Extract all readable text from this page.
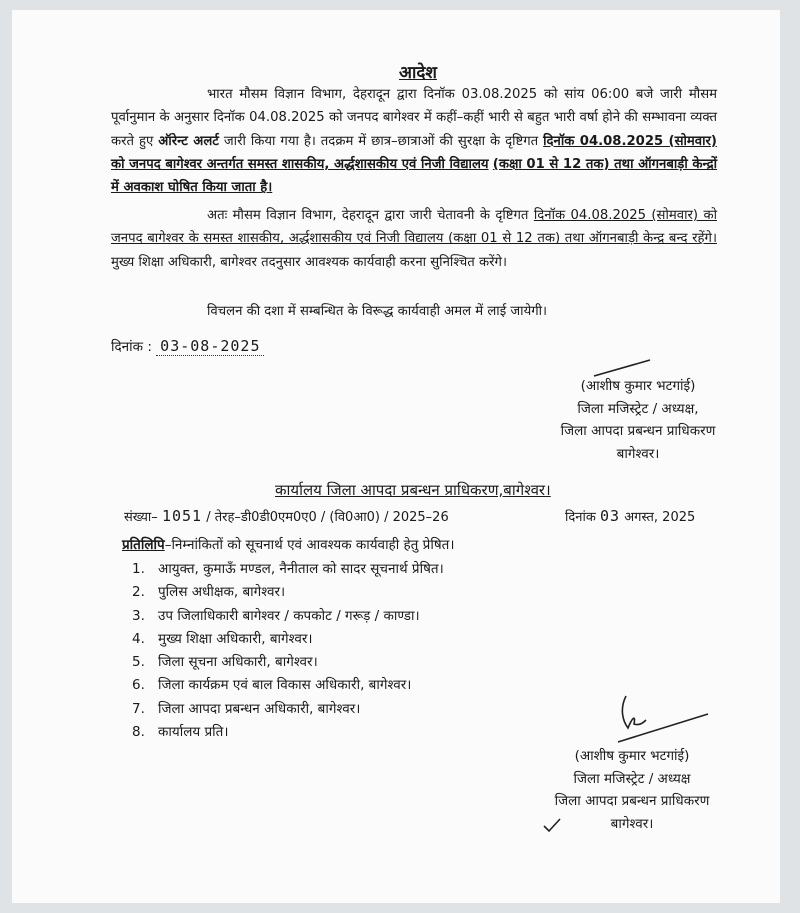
आदेश
भारत मौसम विज्ञान विभाग, देहरादून द्वारा दिनॉक 03.08.2025 को सांय 06:00 बजे जारी मौसम पूर्वानुमान के अनुसार दिनॉक 04.08.2025 को जनपद बागेश्वर में कहीं–कहीं भारी से बहुत भारी वर्षा होने की सम्भावना व्यक्त करते हुए ऑरेन्ट अलर्ट जारी किया गया है। तदक्रम में छात्र–छात्राओं की सुरक्षा के दृष्टिगत दिनॉक 04.08.2025 (सोमवार) को जनपद बागेश्वर अन्तर्गत समस्त शासकीय, अर्द्धशासकीय एवं निजी विद्यालय (कक्षा 01 से 12 तक) तथा ऑगनबाड़ी केन्द्रों में अवकाश घोषित किया जाता है।
अतः मौसम विज्ञान विभाग, देहरादून द्वारा जारी चेतावनी के दृष्टिगत दिनॉक 04.08.2025 (सोमवार) को जनपद बागेश्वर के समस्त शासकीय, अर्द्धशासकीय एवं निजी विद्यालय (कक्षा 01 से 12 तक) तथा ऑगनबाड़ी केन्द्र बन्द रहेंगे। मुख्य शिक्षा अधिकारी, बागेश्वर तदनुसार आवश्यक कार्यवाही करना सुनिश्चित करेंगे।
विचलन की दशा में सम्बन्धित के विरूद्ध कार्यवाही अमल में लाई जायेगी।
दिनांक : 03-08-2025
(आशीष कुमार भटगांई)
जिला मजिस्ट्रेट / अध्यक्ष,
जिला आपदा प्रबन्धन प्राधिकरण
बागेश्वर।
कार्यालय जिला आपदा प्रबन्धन प्राधिकरण,बागेश्वर।
संख्या– 1051 / तेरह–डी0डी0एम0ए0 / (वि0आ0) / 2025–26	दिनांक 03 अगस्त, 2025
प्रतिलिपि–निम्नांकितों को सूचनार्थ एवं आवश्यक कार्यवाही हेतु प्रेषित।
1. आयुक्त, कुमाऊँ मण्डल, नैनीताल को सादर सूचनार्थ प्रेषित।
2. पुलिस अधीक्षक, बागेश्वर।
3. उप जिलाधिकारी बागेश्वर / कपकोट / गरूड़ / काण्डा।
4. मुख्य शिक्षा अधिकारी, बागेश्वर।
5. जिला सूचना अधिकारी, बागेश्वर।
6. जिला कार्यक्रम एवं बाल विकास अधिकारी, बागेश्वर।
7. जिला आपदा प्रबन्धन अधिकारी, बागेश्वर।
8. कार्यालय प्रति।
(आशीष कुमार भटगांई)
जिला मजिस्ट्रेट / अध्यक्ष
जिला आपदा प्रबन्धन प्राधिकरण
बागेश्वर।
